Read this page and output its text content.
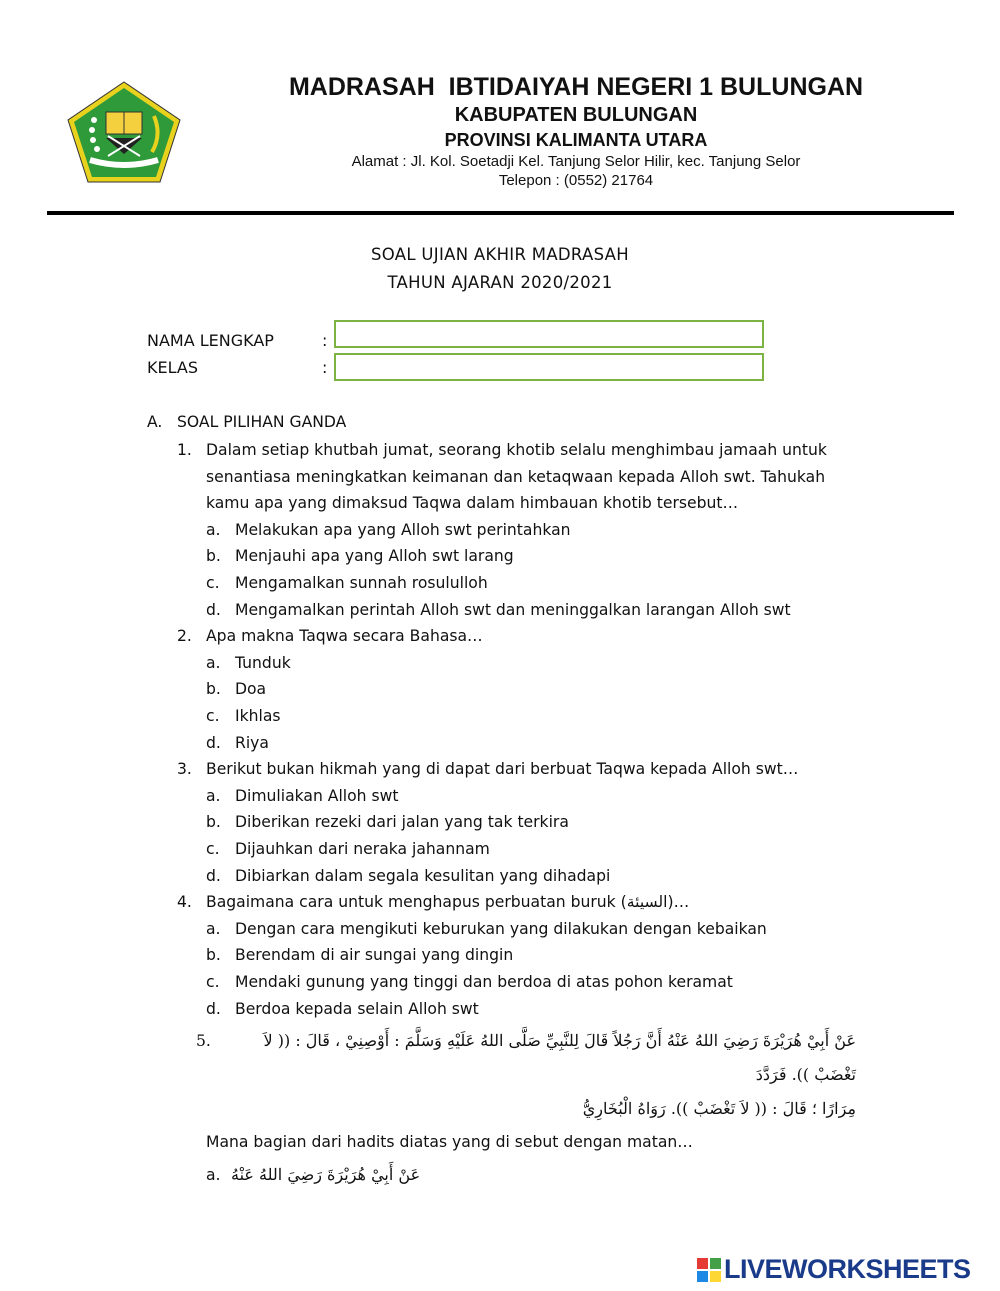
MADRASAH  IBTIDAIYAH NEGERI 1 BULUNGAN
KABUPATEN BULUNGAN
PROVINSI KALIMANTA UTARA
Alamat : Jl. Kol. Soetadji Kel. Tanjung Selor Hilir, kec. Tanjung Selor
Telepon : (0552) 21764
SOAL UJIAN AKHIR MADRASAH
TAHUN AJARAN 2020/2021
NAMA LENGKAP	:
KELAS	:
A. SOAL PILIHAN GANDA
1. Dalam setiap khutbah jumat, seorang khotib selalu menghimbau jamaah untuk
senantiasa meningkatkan keimanan dan ketaqwaan kepada Alloh swt. Tahukah
kamu apa yang dimaksud Taqwa dalam himbauan khotib tersebut…
a. Melakukan apa yang Alloh swt perintahkan
b. Menjauhi apa yang Alloh swt larang
c. Mengamalkan sunnah rosululloh
d. Mengamalkan perintah Alloh swt dan meninggalkan larangan Alloh swt
2. Apa makna Taqwa secara Bahasa…
a. Tunduk
b. Doa
c. Ikhlas
d. Riya
3. Berikut bukan hikmah yang di dapat dari berbuat Taqwa kepada Alloh swt…
a. Dimuliakan Alloh swt
b. Diberikan rezeki dari jalan yang tak terkira
c. Dijauhkan dari neraka jahannam
d. Dibiarkan dalam segala kesulitan yang dihadapi
4. Bagaimana cara untuk menghapus perbuatan buruk (السيئة)…
a. Dengan cara mengikuti keburukan yang dilakukan dengan kebaikan
b. Berendam di air sungai yang dingin
c. Mendaki gunung yang tinggi dan berdoa di atas pohon keramat
d. Berdoa kepada selain Alloh swt
5.	عَنْ أَبِيْ هُرَيْرَةَ رَضِيَ اللهُ عَنْهُ أَنَّ رَجُلاً قَالَ لِلنَّبِيِّ صَلَّى اللهُ عَلَيْهِ وَسَلَّمَ : أَوْصِنِيْ ، قَالَ : (( لاَ تَغْضَبْ )). فَرَدَّدَ
مِرَارًا ؛ قَالَ : (( لاَ تَغْضَبْ )). رَوَاهُ الْبُخَارِيُّ
Mana bagian dari hadits diatas yang di sebut dengan matan…
a. عَنْ أَبِيْ هُرَيْرَةَ رَضِيَ اللهُ عَنْهُ
LIVEWORKSHEETS
